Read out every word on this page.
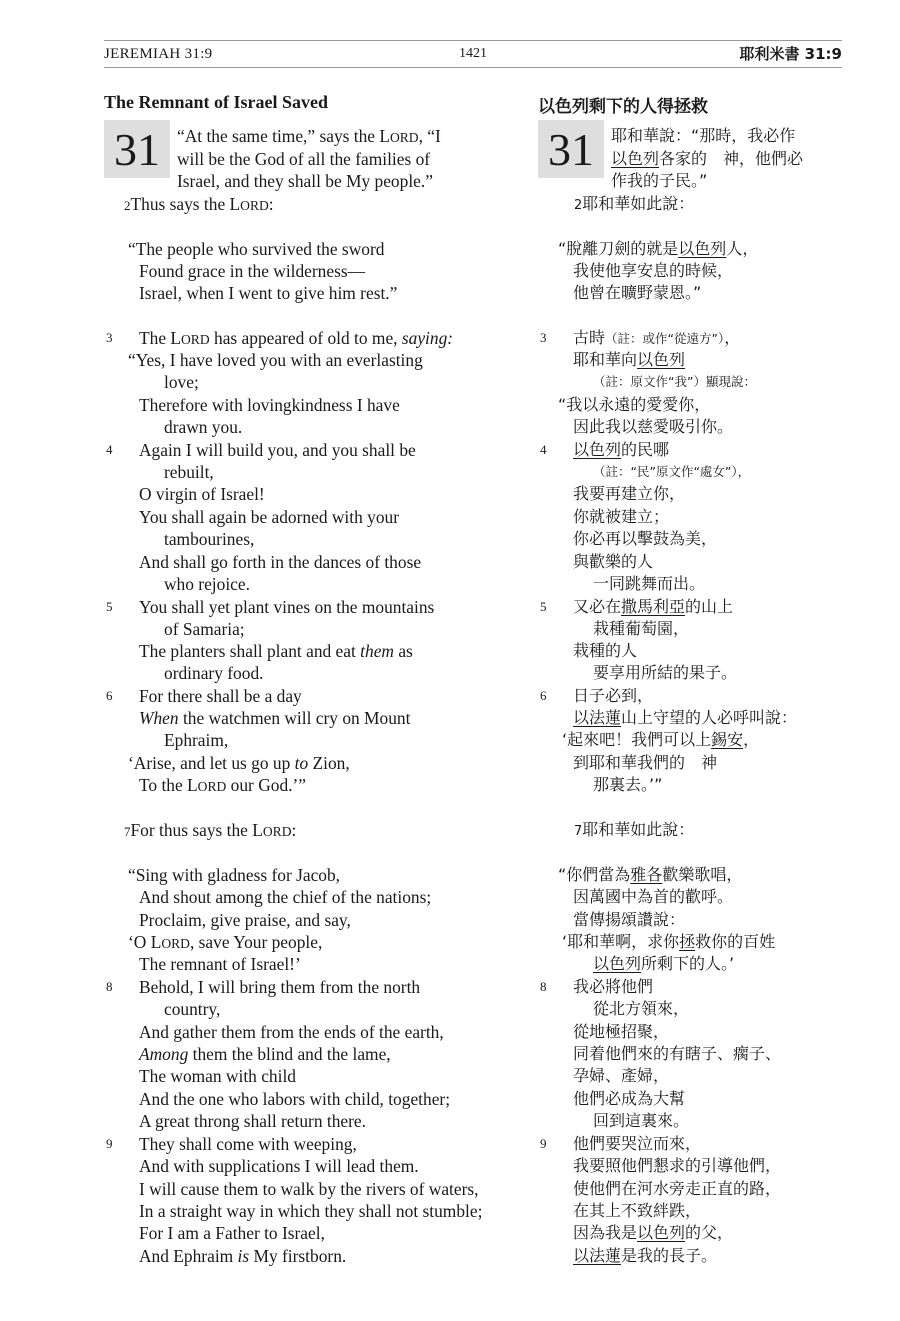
JEREMIAH 31:9	1421	耶利米書 31:9
The Remnant of Israel Saved
31 “At the same time,” says the LORD, “I
will be the God of all the families of
Israel, and they shall be My people.”
2Thus says the LORD:
“The people who survived the sword
Found grace in the wilderness—
Israel, when I went to give him rest.”
The LORD has appeared of old to me, saying:
“Yes, I have loved you with an everlasting
love;
Therefore with lovingkindness I have
drawn you.
Again I will build you, and you shall be
rebuilt,
O virgin of Israel!
You shall again be adorned with your
tambourines,
And shall go forth in the dances of those
who rejoice.
You shall yet plant vines on the mountains
of Samaria;
The planters shall plant and eat them as
ordinary food.
For there shall be a day
When the watchmen will cry on Mount
Ephraim,
‘Arise, and let us go up to Zion,
To the LORD our God.’”
7For thus says the LORD:
“Sing with gladness for Jacob,
And shout among the chief of the nations;
Proclaim, give praise, and say,
‘O LORD, save Your people,
The remnant of Israel!’
Behold, I will bring them from the north
country,
And gather them from the ends of the earth,
Among them the blind and the lame,
The woman with child
And the one who labors with child, together;
A great throng shall return there.
They shall come with weeping,
And with supplications I will lead them.
I will cause them to walk by the rivers of waters,
In a straight way in which they shall not stumble;
For I am a Father to Israel,
And Ephraim is My firstborn.
3
4
5
6
8
9
以色列剩下的人得拯救
31	耶和華說：“那時，我必作
以色列各家的　神，他們必
作我的子民。”
2耶和華如此說：
“脫離刀劍的就是以色列人，
我使他享安息的時候，
他曾在曠野蒙恩。”
古時（註：或作“從遠方”），
耶和華向以色列
（註：原文作“我”）顯現說：
“我以永遠的愛愛你，
因此我以慈愛吸引你。
以色列的民哪
（註：“民”原文作“處女”），
我要再建立你，
你就被建立；
你必再以擊鼓為美，
與歡樂的人
一同跳舞而出。
又必在撒馬利亞的山上
栽種葡萄園，
栽種的人
要享用所結的果子。
日子必到，
以法蓮山上守望的人必呼叫說：
‘起來吧！我們可以上錫安，
到耶和華我們的　神
那裏去。’”
7耶和華如此說：
“你們當為雅各歡樂歌唱，
因萬國中為首的歡呼。
當傳揚頌讚說：
‘耶和華啊，求你拯救你的百姓
以色列所剩下的人。’
我必將他們
從北方領來，
從地極招聚，
同着他們來的有瞎子、瘸子、
孕婦、產婦，
他們必成為大幫
回到這裏來。
他們要哭泣而來，
我要照他們懇求的引導他們，
使他們在河水旁走正直的路，
在其上不致絆跌，
因為我是以色列的父，
以法蓮是我的長子。
3
4
5
6
8
9
